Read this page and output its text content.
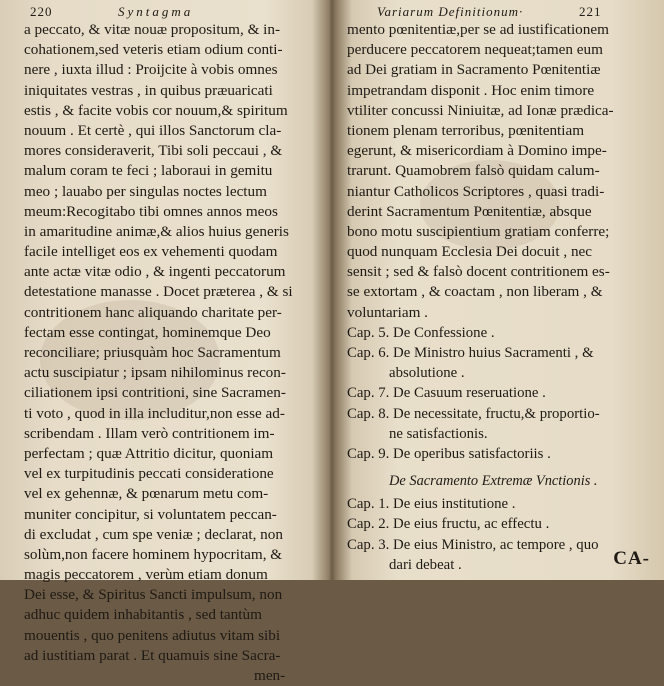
220	Syntagma
a peccato, & vitæ nouæ propositum, & in-
cohationem,sed veteris etiam odium conti-
nere , iuxta illud : Proijcite à vobis omnes
iniquitates vestras , in quibus præuaricati
estis , & facite vobis cor nouum,& spiritum
nouum . Et certè , qui illos Sanctorum cla-
mores consideraverit, Tibi soli peccaui , &
malum coram te feci ; laboraui in gemitu
meo ; lauabo per singulas noctes lectum
meum:Recogitabo tibi omnes annos meos
in amaritudine animæ,& alios huius generis
facile intelliget eos ex vehementi quodam
ante actæ vitæ odio , & ingenti peccatorum
detestatione manasse . Docet præterea , & si
contritionem hanc aliquando charitate per-
fectam esse contingat, hominemque Deo
reconciliare; priusquàm hoc Sacramentum
actu suscipiatur ; ipsam nihilominus recon-
ciliationem ipsi contritioni, sine Sacramen-
ti voto , quod in illa includitur,non esse ad-
scribendam . Illam verò contritionem im-
perfectam ; quæ Attritio dicitur, quoniam
vel ex turpitudinis peccati consideratione
vel ex gehennæ, & pœnarum metu com-
muniter concipitur, si voluntatem peccan-
di excludat , cum spe veniæ ; declarat, non
solùm,non facere hominem hypocritam, &
magis peccatorem , verùm etiam donum
Dei esse, & Spiritus Sancti impulsum, non
adhuc quidem inhabitantis , sed tantùm
mouentis , quo penitens adiutus vitam sibi
ad iustitiam parat . Et quamuis sine Sacra-
men-
Variarum Definitionum·	221
mento pœnitentiæ,per se ad iustificationem
perducere peccatorem nequeat;tamen eum
ad Dei gratiam in Sacramento Pœnitentiæ
impetrandam disponit . Hoc enim timore
vtiliter concussi Niniuitæ, ad Ionæ prædica-
tionem plenam terroribus, pœnitentiam
egerunt, & misericordiam à Domino impe-
trarunt. Quamobrem falsò quidam calum-
niantur Catholicos Scriptores , quasi tradi-
derint Sacramentum Pœnitentiæ, absque
bono motu suscipientium gratiam conferre;
quod nunquam Ecclesia Dei docuit , nec
sensit ; sed & falsò docent contritionem es-
se extortam , & coactam , non liberam , &
voluntariam .
Cap. 5. De Confessione .
Cap. 6. De Ministro huius Sacramenti , &
absolutione .
Cap. 7. De Casuum reseruatione .
Cap. 8. De necessitate, fructu,& proportio-
ne satisfactionis.
Cap. 9. De operibus satisfactoriis .
De Sacramento Extremæ Vnctionis .
Cap. 1. De eius institutione .
Cap. 2. De eius fructu, ac effectu .
Cap. 3. De eius Ministro, ac tempore , quo
dari debeat .	CA-
